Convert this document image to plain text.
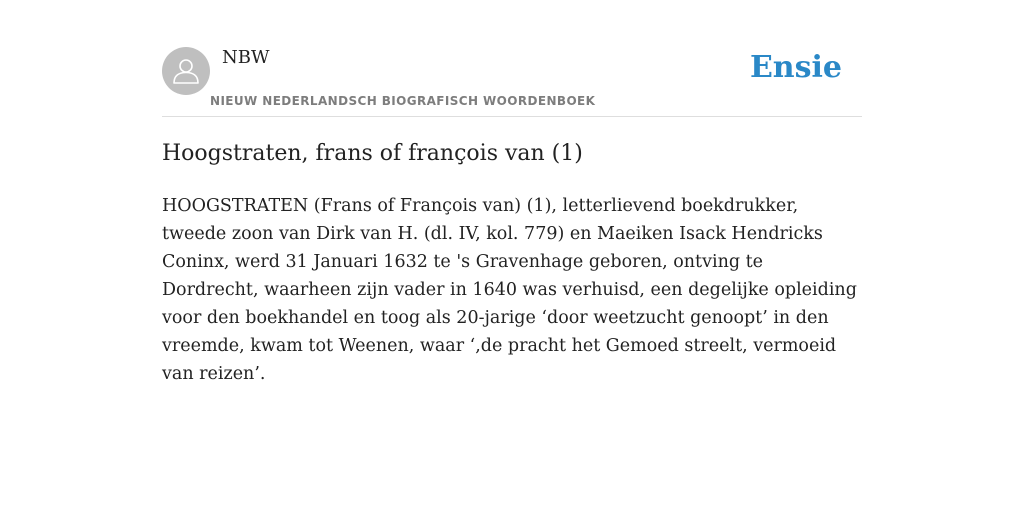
NBW
NIEUW NEDERLANDSCH BIOGRAFISCH WOORDENBOEK
Ensie
Hoogstraten, frans of françois van (1)

HOOGSTRATEN (Frans of François van) (1), letterlievend boekdrukker, tweede zoon van Dirk van H. (dl. IV, kol. 779) en Maeiken Isack Hendricks Coninx, werd 31 Januari 1632 te 's Gravenhage geboren, ontving te Dordrecht, waarheen zijn vader in 1640 was verhuisd, een degelijke opleiding voor den boekhandel en toog als 20-jarige ‘door weetzucht genoopt’ in den vreemde, kwam tot Weenen, waar ‘,de pracht het Gemoed streelt, vermoeid van reizen’.
